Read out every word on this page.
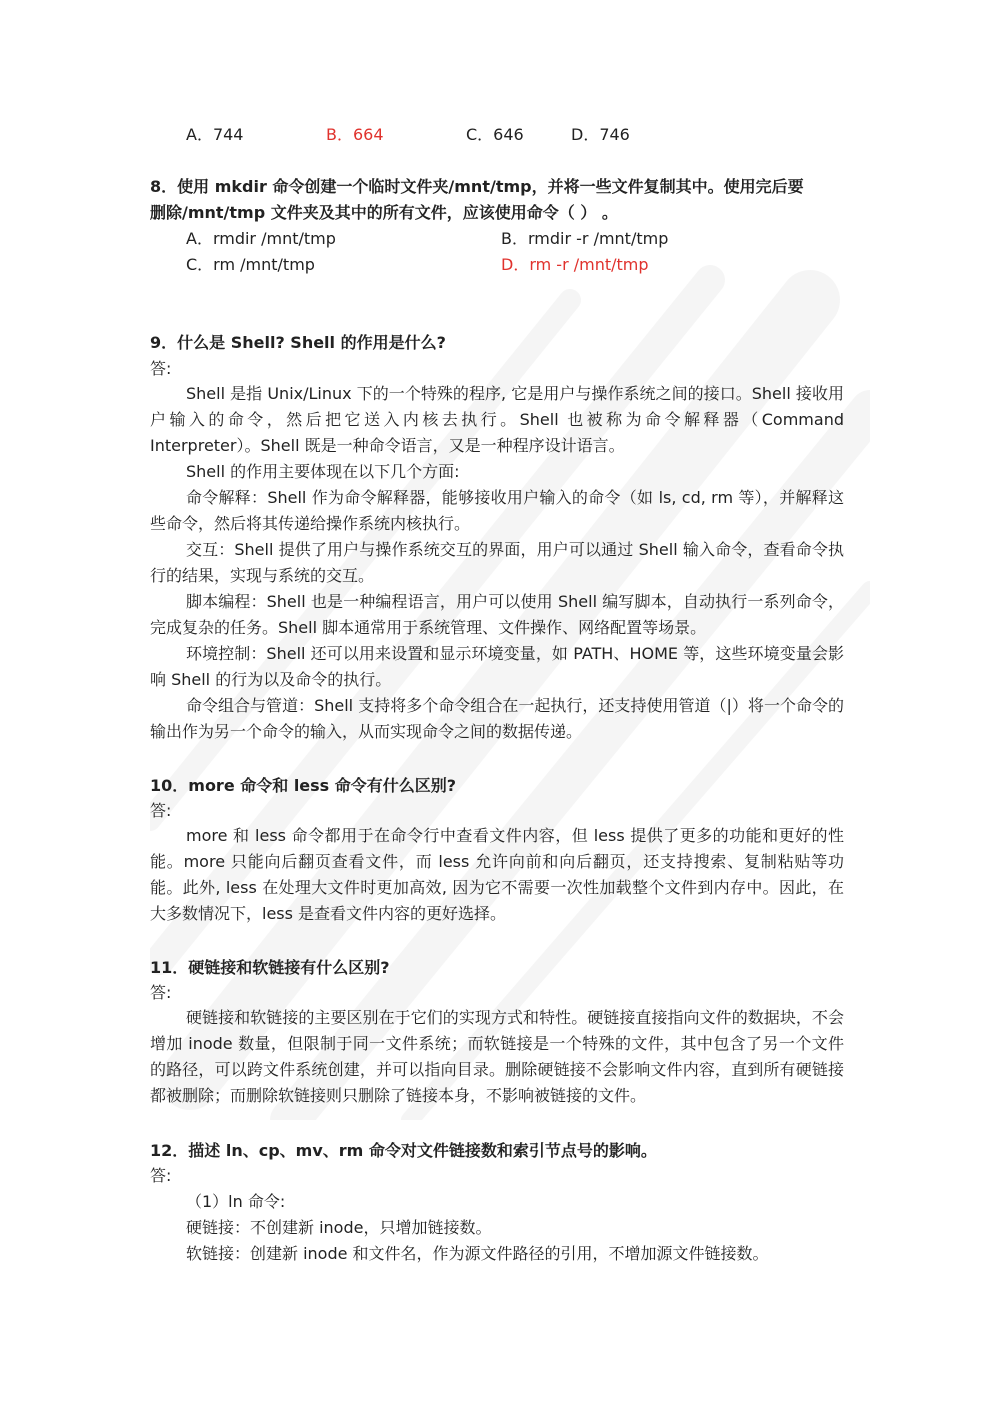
A．744	B．664	C．646	D．746
8．使用 mkdir 命令创建一个临时文件夹/mnt/tmp，并将一些文件复制其中。使用完后要
删除/mnt/tmp 文件夹及其中的所有文件，应该使用命令（ ） 。
A．rmdir /mnt/tmp	B．rmdir -r /mnt/tmp
C．rm /mnt/tmp	D．rm -r /mnt/tmp
9．什么是 Shell? Shell 的作用是什么?
答:

Shell 是指 Unix/Linux 下的一个特殊的程序, 它是用户与操作系统之间的接口。Shell 接收用户输入的命令，然后把它送入内核去执行。Shell 也被称为命令解释器（Command Interpreter）。Shell 既是一种命令语言，又是一种程序设计语言。

Shell 的作用主要体现在以下几个方面:

命令解释：Shell 作为命令解释器，能够接收用户输入的命令（如 ls, cd, rm 等），并解释这些命令，然后将其传递给操作系统内核执行。

交互：Shell 提供了用户与操作系统交互的界面，用户可以通过 Shell 输入命令，查看命令执行的结果，实现与系统的交互。

脚本编程：Shell 也是一种编程语言，用户可以使用 Shell 编写脚本，自动执行一系列命令，完成复杂的任务。Shell 脚本通常用于系统管理、文件操作、网络配置等场景。

环境控制：Shell 还可以用来设置和显示环境变量，如 PATH、HOME 等，这些环境变量会影响 Shell 的行为以及命令的执行。

命令组合与管道：Shell 支持将多个命令组合在一起执行，还支持使用管道（|）将一个命令的输出作为另一个命令的输入，从而实现命令之间的数据传递。

10．more 命令和 less 命令有什么区别?
答:

more 和 less 命令都用于在命令行中查看文件内容，但 less 提供了更多的功能和更好的性能。more 只能向后翻页查看文件，而 less 允许向前和向后翻页，还支持搜索、复制粘贴等功能。此外, less 在处理大文件时更加高效, 因为它不需要一次性加载整个文件到内存中。因此，在大多数情况下，less 是查看文件内容的更好选择。

11．硬链接和软链接有什么区别?
答:

硬链接和软链接的主要区别在于它们的实现方式和特性。硬链接直接指向文件的数据块，不会增加 inode 数量，但限制于同一文件系统；而软链接是一个特殊的文件，其中包含了另一个文件的路径，可以跨文件系统创建，并可以指向目录。删除硬链接不会影响文件内容，直到所有硬链接都被删除；而删除软链接则只删除了链接本身，不影响被链接的文件。

12．描述 ln、cp、mv、rm 命令对文件链接数和索引节点号的影响。
答:
（1）ln 命令:
硬链接：不创建新 inode，只增加链接数。
软链接：创建新 inode 和文件名，作为源文件路径的引用，不增加源文件链接数。
